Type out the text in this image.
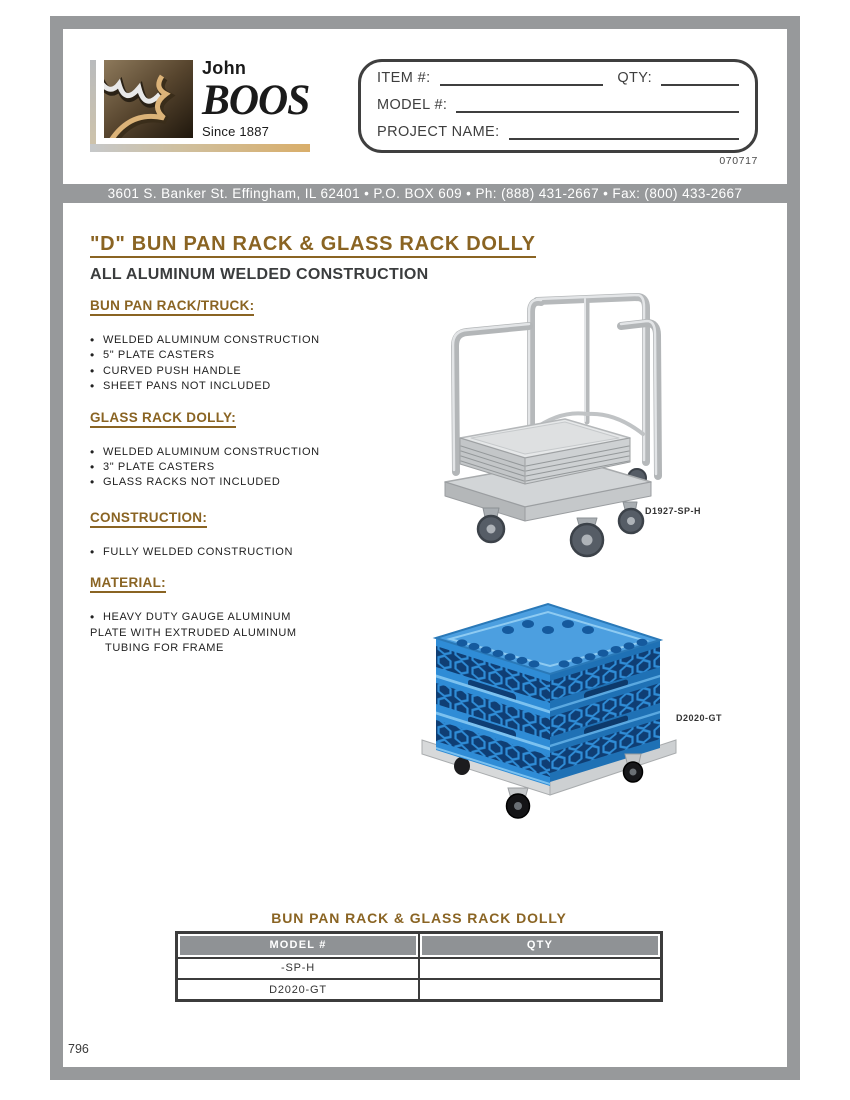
John
BOOS
Since 1887
ITEM #:	QTY:
MODEL #:
PROJECT NAME:
070717
3601 S. Banker St. Effingham, IL 62401 • P.O. BOX 609 • Ph: (888) 431-2667 • Fax: (800) 433-2667
"D" BUN PAN RACK & GLASS RACK DOLLY
ALL ALUMINUM WELDED CONSTRUCTION
BUN PAN RACK/TRUCK:
• WELDED ALUMINUM CONSTRUCTION
• 5" PLATE CASTERS
• CURVED PUSH HANDLE
• SHEET PANS NOT INCLUDED
GLASS RACK DOLLY:
• WELDED ALUMINUM CONSTRUCTION
• 3" PLATE CASTERS
• GLASS RACKS NOT INCLUDED
CONSTRUCTION:
• FULLY WELDED CONSTRUCTION
MATERIAL:
• HEAVY DUTY GAUGE ALUMINUM
PLATE WITH EXTRUDED ALUMINUM
TUBING FOR FRAME
D1927-SP-H
D2020-GT
BUN PAN RACK & GLASS RACK DOLLY
MODEL #	QTY
-SP-H	
D2020-GT	
796
